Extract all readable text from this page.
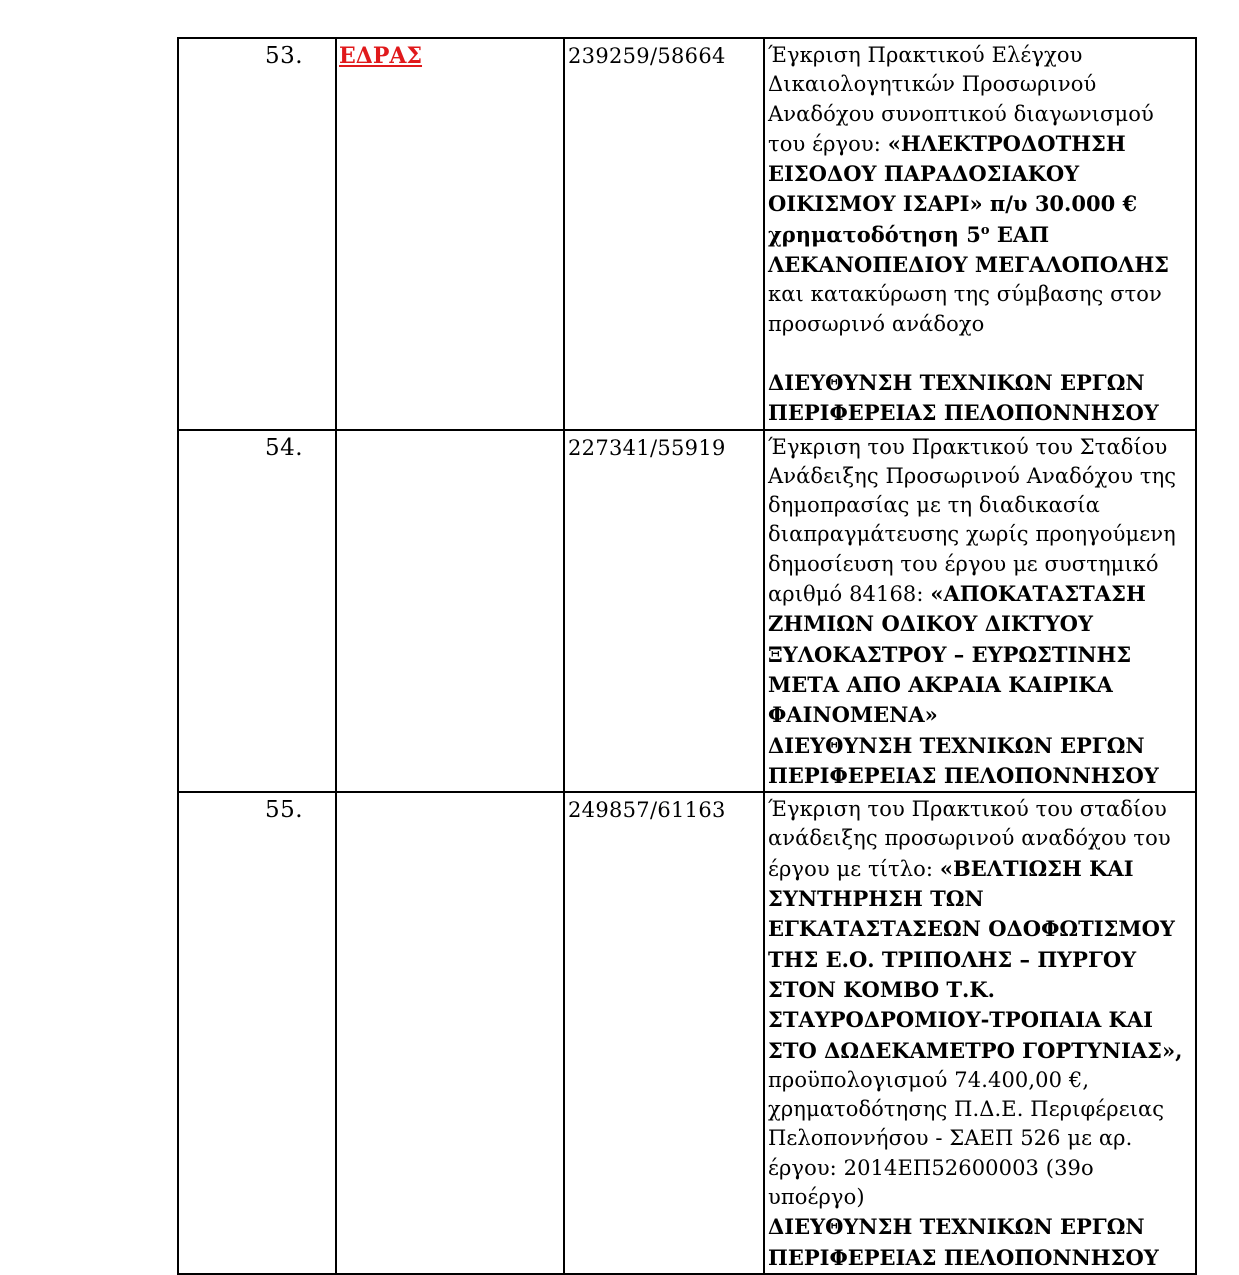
53.	ΕΔΡΑΣ	239259/58664	Έγκριση Πρακτικού Ελέγχου Δικαιολογητικών Προσωρινού Αναδόχου συνοπτικού διαγωνισμού του έργου: «ΗΛΕΚΤΡΟΔΟΤΗΣΗ ΕΙΣΟΔΟΥ ΠΑΡΑΔΟΣΙΑΚΟΥ ΟΙΚΙΣΜΟΥ ΙΣΑΡΙ» π/υ 30.000 € χρηματοδότηση $5^o$ ΕΑΠ ΛΕΚΑΝΟΠΕΔΙΟΥ ΜΕΓΑΛΟΠΟΛΗΣ και κατακύρωση της σύμβασης στον προσωρινό ανάδοχο
ΔΙΕΥΘΥΝΣΗ ΤΕΧΝΙΚΩΝ ΕΡΓΩΝ ΠΕΡΙΦΕΡΕΙΑΣ ΠΕΛΟΠΟΝΝΗΣΟΥ
54.		227341/55919	Έγκριση του Πρακτικού του Σταδίου Ανάδειξης Προσωρινού Αναδόχου της δημοπρασίας με τη διαδικασία διαπραγμάτευσης χωρίς προηγούμενη δημοσίευση του έργου με συστημικό αριθμό 84168: «ΑΠΟΚΑΤΑΣΤΑΣΗ ΖΗΜΙΩΝ ΟΔΙΚΟΥ ΔΙΚΤΥΟΥ ΞΥΛΟΚΑΣΤΡΟΥ – ΕΥΡΩΣΤΙΝΗΣ ΜΕΤΑ ΑΠΟ ΑΚΡΑΙΑ ΚΑΙΡΙΚΑ ΦΑΙΝΟΜΕΝΑ»
ΔΙΕΥΘΥΝΣΗ ΤΕΧΝΙΚΩΝ ΕΡΓΩΝ ΠΕΡΙΦΕΡΕΙΑΣ ΠΕΛΟΠΟΝΝΗΣΟΥ
55.		249857/61163	Έγκριση του Πρακτικού του σταδίου ανάδειξης προσωρινού αναδόχου του έργου με τίτλο: «ΒΕΛΤΙΩΣΗ ΚΑΙ ΣΥΝΤΗΡΗΣΗ ΤΩΝ ΕΓΚΑΤΑΣΤΑΣΕΩΝ ΟΔΟΦΩΤΙΣΜΟΥ ΤΗΣ Ε.Ο. ΤΡΙΠΟΛΗΣ – ΠΥΡΓΟΥ ΣΤΟΝ ΚΟΜΒΟ Τ.Κ. ΣΤΑΥΡΟΔΡΟΜΙΟΥ-ΤΡΟΠΑΙΑ ΚΑΙ ΣΤΟ ΔΩΔΕΚΑΜΕΤΡΟ ΓΟΡΤΥΝΙΑΣ», προϋπολογισμού 74.400,00 €, χρηματοδότησης Π.Δ.Ε. Περιφέρειας Πελοποννήσου - ΣΑΕΠ 526 με αρ. έργου: 2014ΕΠ52600003 (39ο υποέργο)
ΔΙΕΥΘΥΝΣΗ ΤΕΧΝΙΚΩΝ ΕΡΓΩΝ ΠΕΡΙΦΕΡΕΙΑΣ ΠΕΛΟΠΟΝΝΗΣΟΥ
